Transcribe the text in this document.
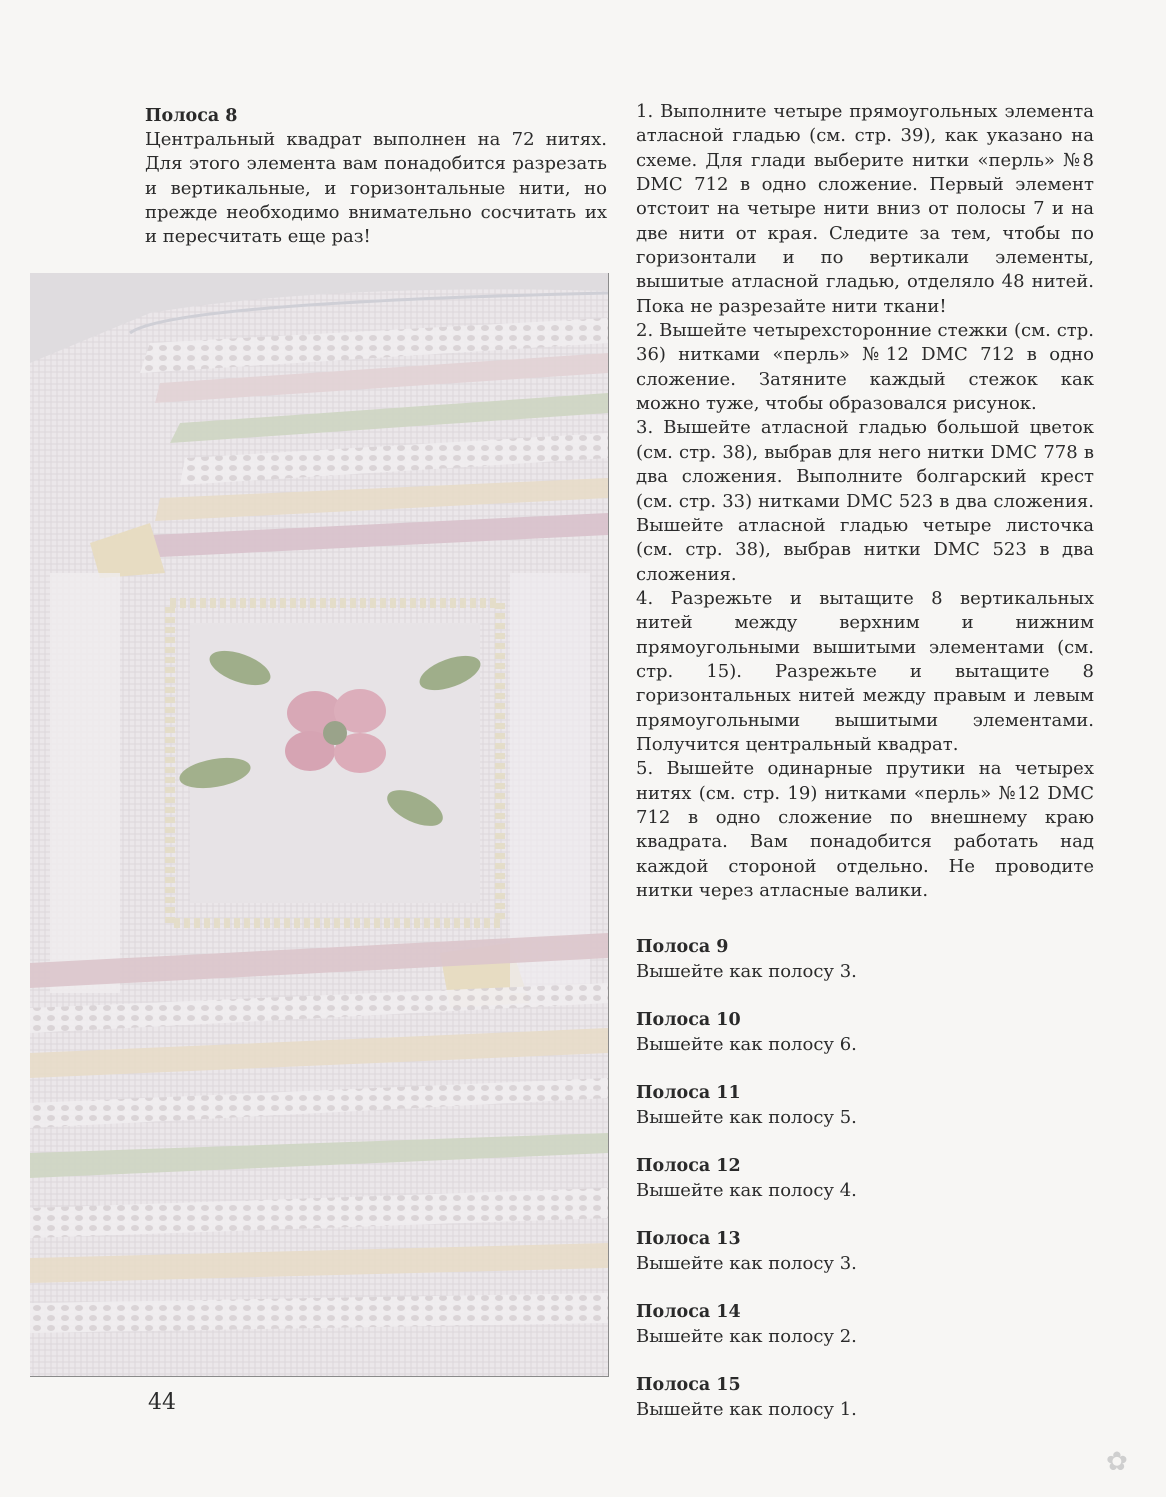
Полоса 8
Центральный квадрат выполнен на 72 нитях. Для этого элемента вам понадобится разрезать и вертикальные, и горизонтальные нити, но прежде необходимо внимательно сосчитать их и пересчитать еще раз!

1. Выполните четыре прямоугольных элемента атласной гладью (см. стр. 39), как указано на схеме. Для глади выберите нитки «перль» №8 DMC 712 в одно сложение. Первый элемент отстоит на четыре нити вниз от полосы 7 и на две нити от края. Следите за тем, чтобы по горизонтали и по вертикали элементы, вышитые атласной гладью, отделяло 48 нитей. Пока не разрезайте нити ткани!

2. Вышейте четырехсторонние стежки (см. стр. 36) нитками «перль» №12 DMC 712 в одно сложение. Затяните каждый стежок как можно туже, чтобы образовался рисунок.

3. Вышейте атласной гладью большой цветок (см. стр. 38), выбрав для него нитки DMC 778 в два сложения. Выполните болгарский крест (см. стр. 33) нитками DMC 523 в два сложения. Вышейте атласной гладью четыре листочка (см. стр. 38), выбрав нитки DMC 523 в два сложения.

4. Разрежьте и вытащите 8 вертикальных нитей между верхним и нижним прямоугольными вышитыми элементами (см. стр. 15). Разрежьте и вытащите 8 горизонтальных нитей между правым и левым прямоугольными вышитыми элементами. Получится центральный квадрат.

5. Вышейте одинарные прутики на четырех нитях (см. стр. 19) нитками «перль» №12 DMC 712 в одно сложение по внешнему краю квадрата. Вам понадобится работать над каждой стороной отдельно. Не проводите нитки через атласные валики.

Полоса 9
Вышейте как полосу 3.
Полоса 10
Вышейте как полосу 6.
Полоса 11
Вышейте как полосу 5.
Полоса 12
Вышейте как полосу 4.
Полоса 13
Вышейте как полосу 3.
Полоса 14
Вышейте как полосу 2.
Полоса 15
Вышейте как полосу 1.
44
✿
